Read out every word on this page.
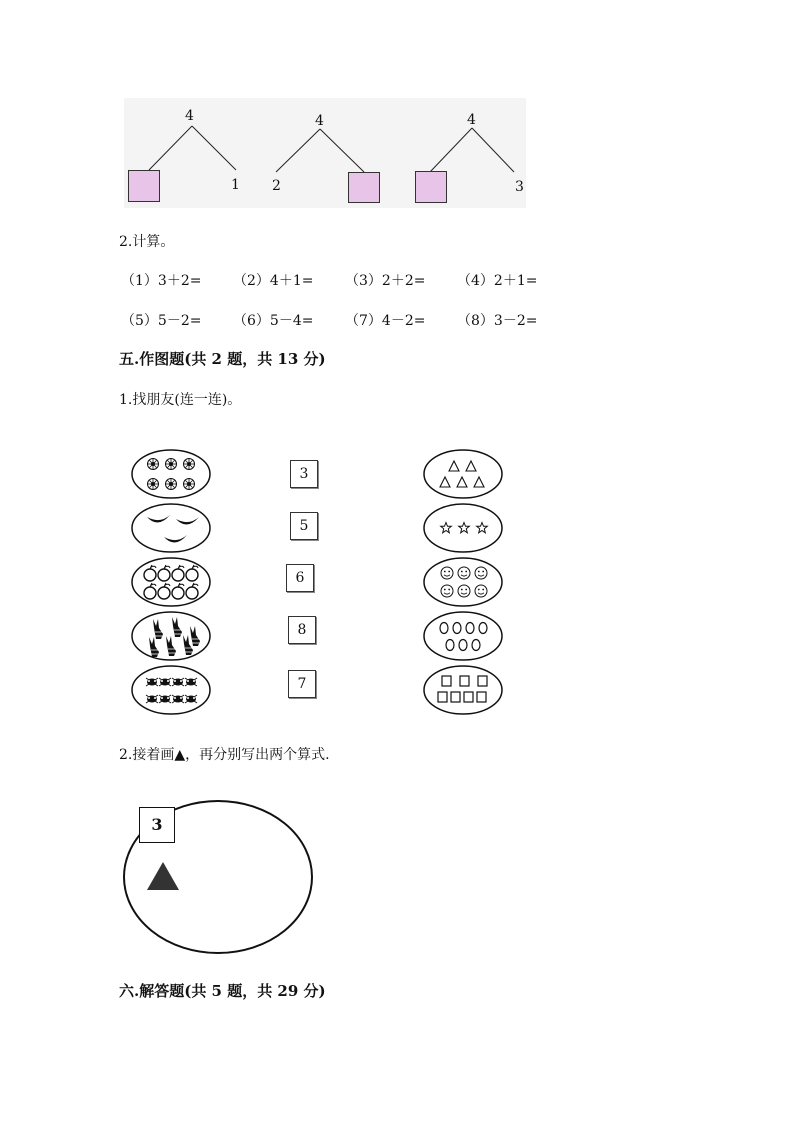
4
1
4
2
4
3
2.计算。
（1）3＋2= （2）4＋1= （3）2＋2= （4）2＋1=
（5）5－2= （6）5－4= （7）4－2= （8）3－2=
五.作图题(共 2 题，共 13 分)
1.找朋友(连一连)。
3
5
6
8
7
2.接着画▲，再分别写出两个算式.
3
六.解答题(共 5 题，共 29 分)
